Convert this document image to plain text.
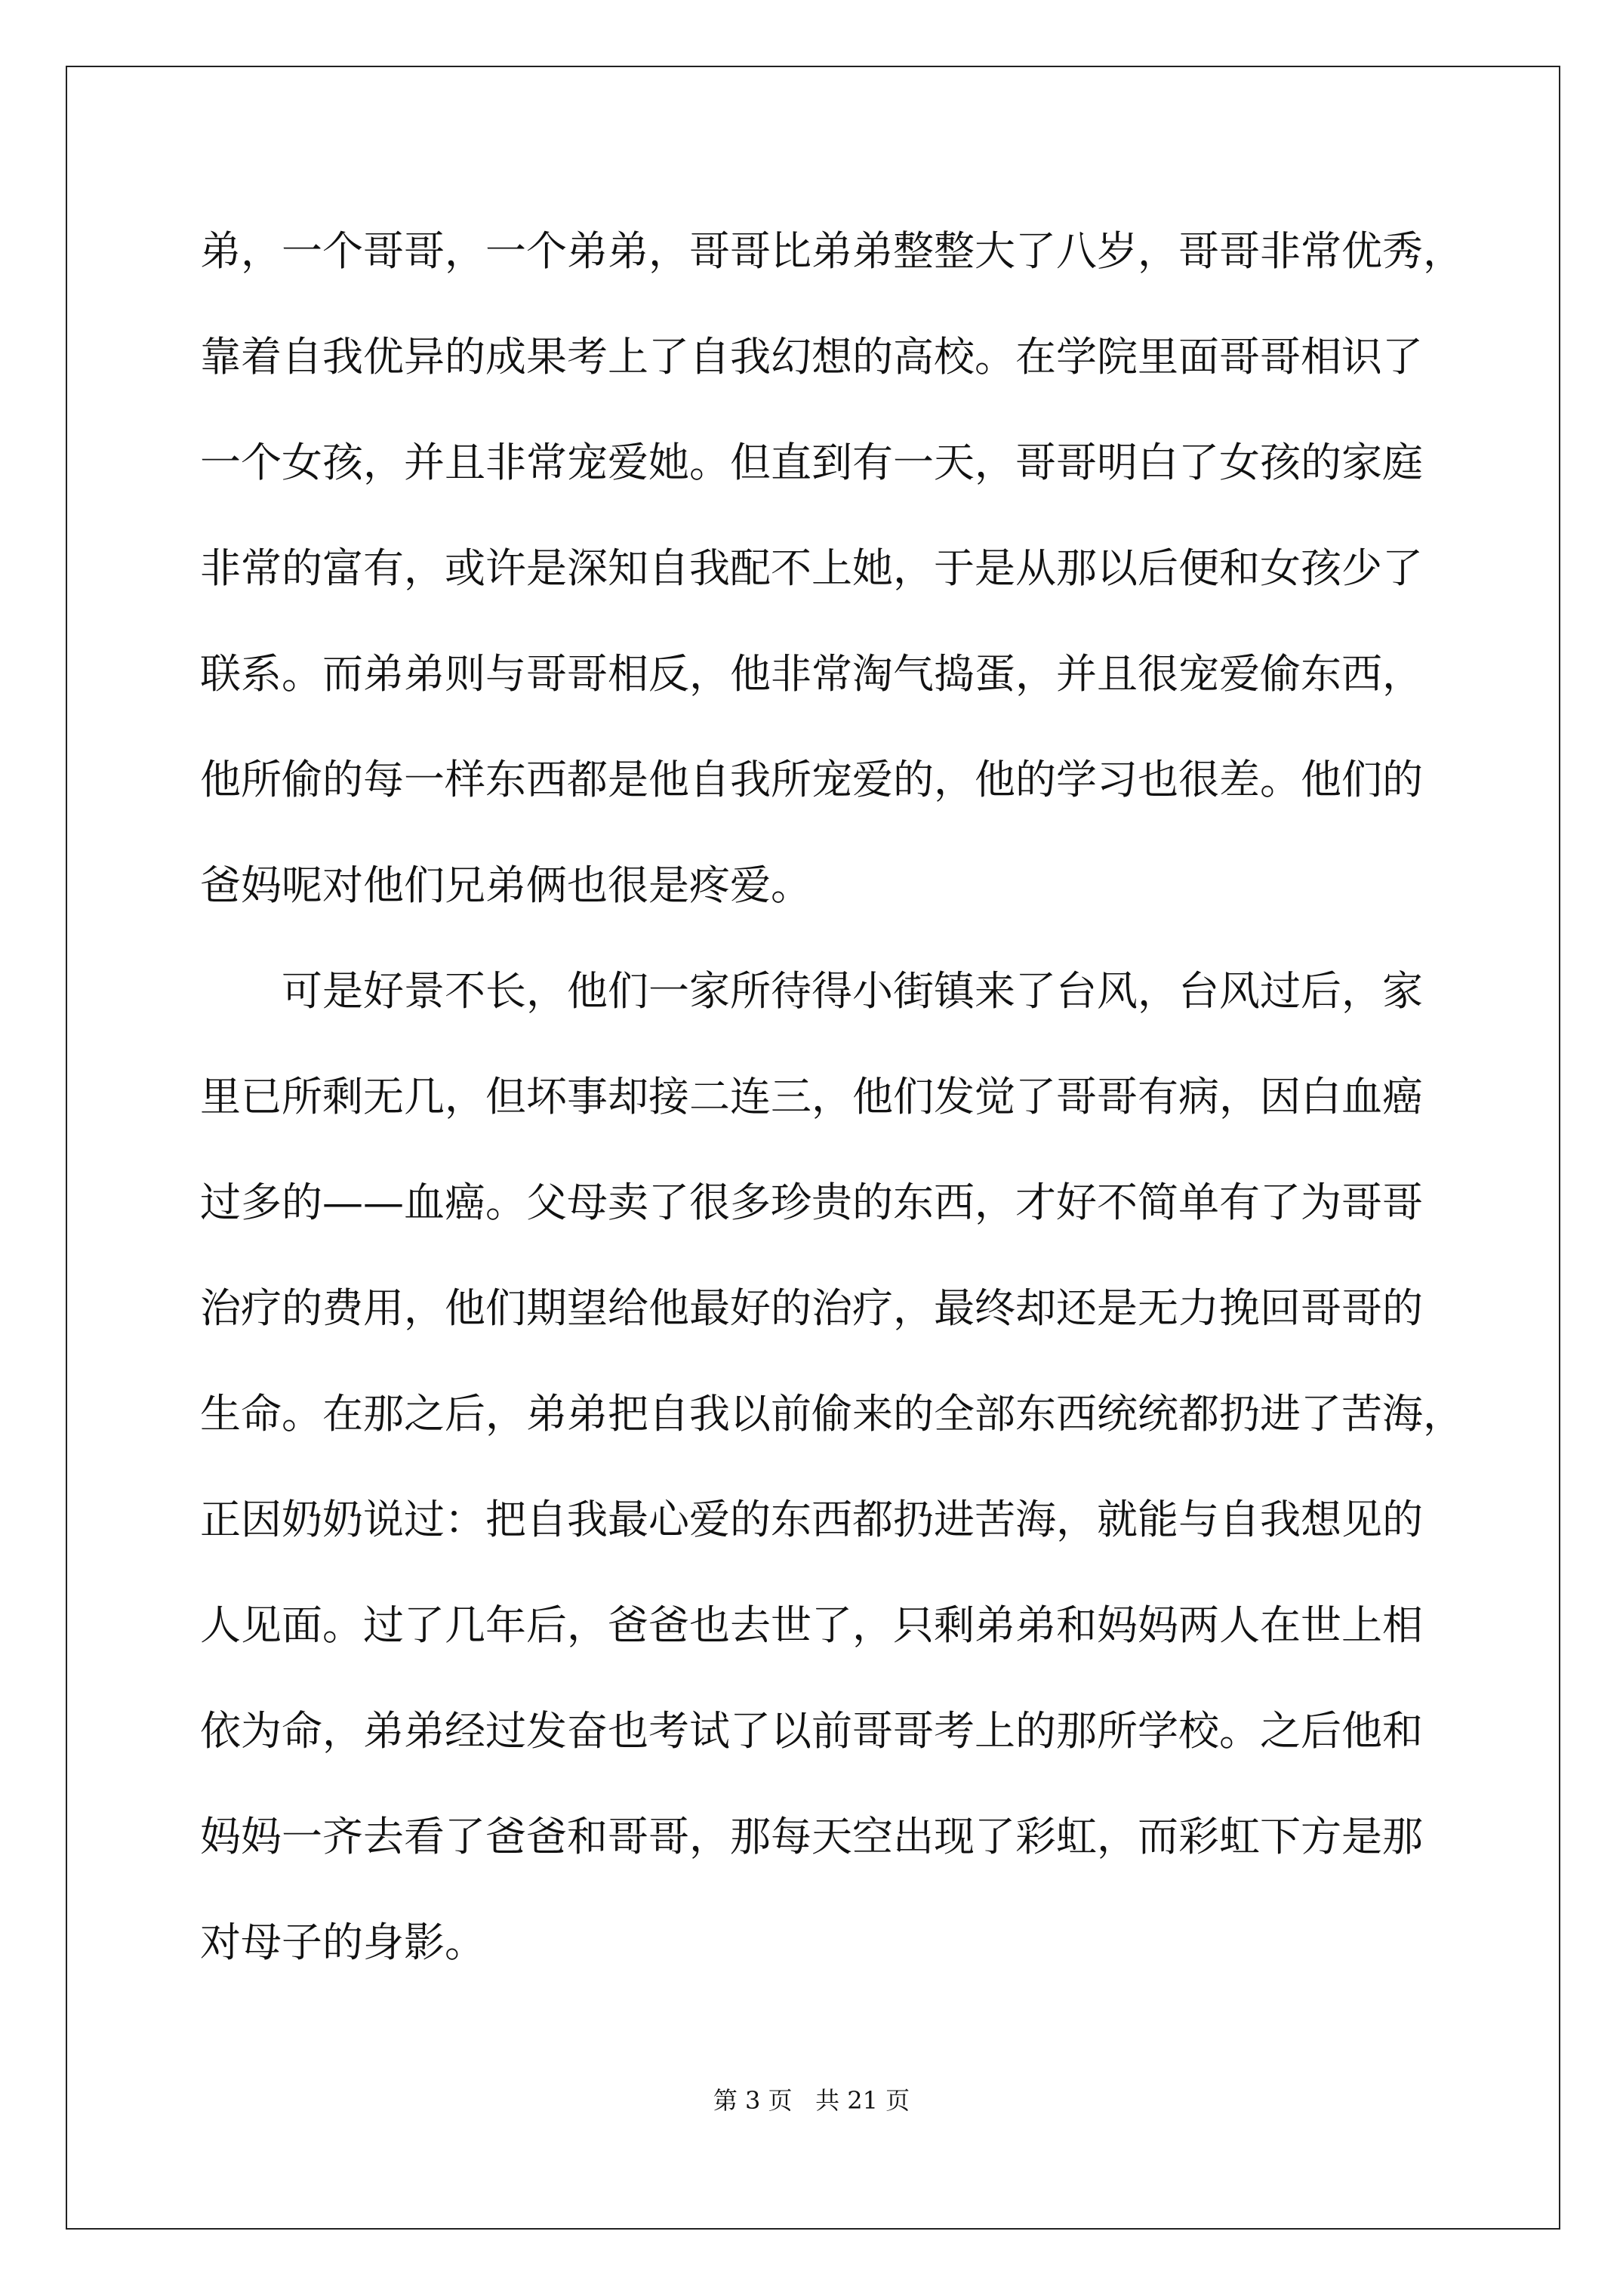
弟，一个哥哥，一个弟弟，哥哥比弟弟整整大了八岁，哥哥非常优秀，
靠着自我优异的成果考上了自我幻想的高校。在学院里面哥哥相识了
一个女孩，并且非常宠爱她。但直到有一天，哥哥明白了女孩的家庭
非常的富有，或许是深知自我配不上她，于是从那以后便和女孩少了
联系。而弟弟则与哥哥相反，他非常淘气捣蛋，并且很宠爱偷东西，
他所偷的每一样东西都是他自我所宠爱的，他的学习也很差。他们的
爸妈呢对他们兄弟俩也很是疼爱。
　　可是好景不长，他们一家所待得小街镇来了台风，台风过后，家
里已所剩无几，但坏事却接二连三，他们发觉了哥哥有病，因白血癌
过多的——血癌。父母卖了很多珍贵的东西，才好不简单有了为哥哥
治疗的费用，他们期望给他最好的治疗，最终却还是无力挽回哥哥的
生命。在那之后，弟弟把自我以前偷来的全部东西统统都扔进了苦海，
正因奶奶说过：把自我最心爱的东西都扔进苦海，就能与自我想见的
人见面。过了几年后，爸爸也去世了，只剩弟弟和妈妈两人在世上相
依为命，弟弟经过发奋也考试了以前哥哥考上的那所学校。之后他和
妈妈一齐去看了爸爸和哥哥，那每天空出现了彩虹，而彩虹下方是那
对母子的身影。
第 3 页 共 21 页
